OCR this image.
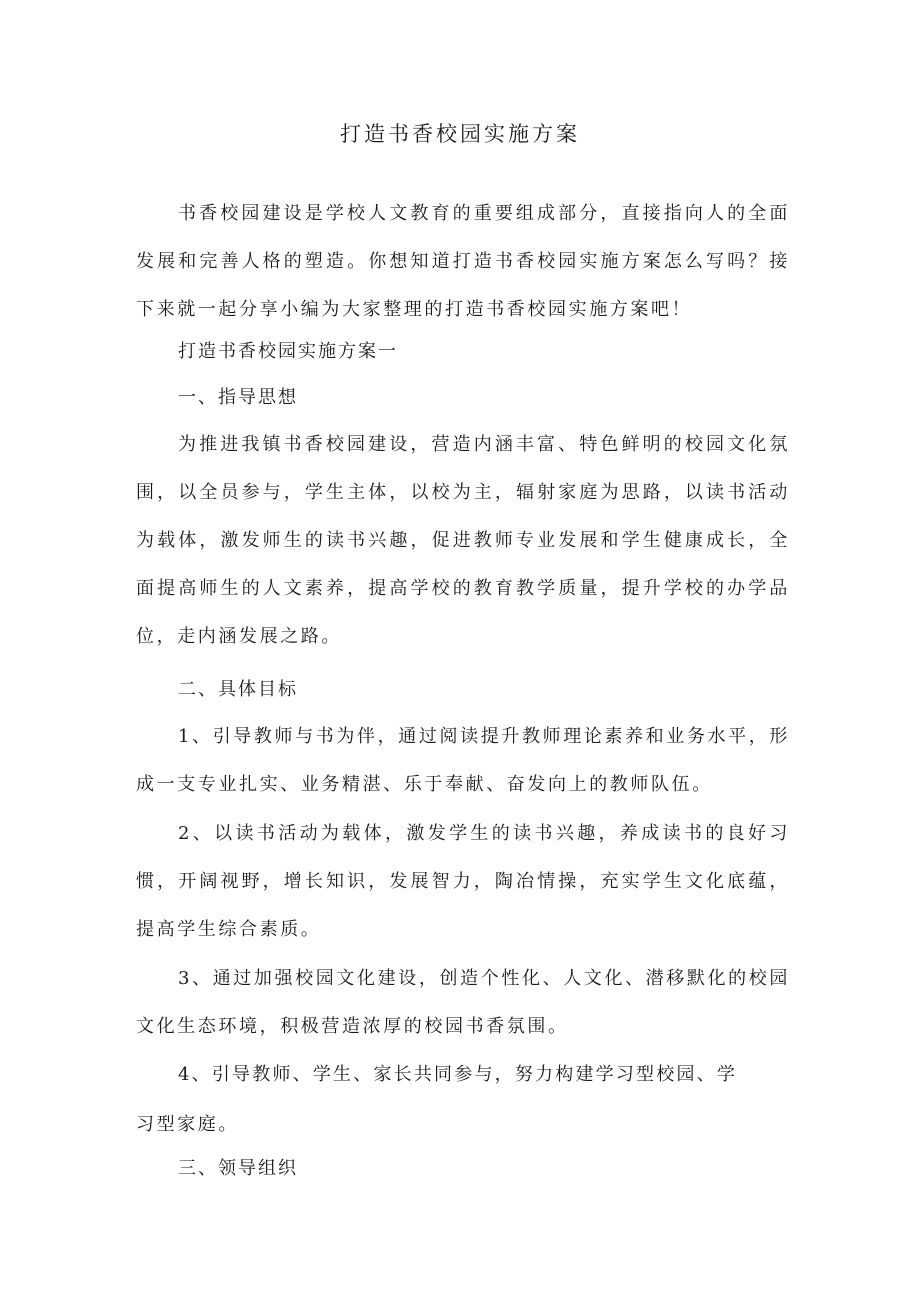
打造书香校园实施方案

书香校园建设是学校人文教育的重要组成部分，直接指向人的全面发展和完善人格的塑造。你想知道打造书香校园实施方案怎么写吗？接下来就一起分享小编为大家整理的打造书香校园实施方案吧！

打造书香校园实施方案一

一、指导思想

为推进我镇书香校园建设，营造内涵丰富、特色鲜明的校园文化氛围，以全员参与，学生主体，以校为主，辐射家庭为思路，以读书活动为载体，激发师生的读书兴趣，促进教师专业发展和学生健康成长，全面提高师生的人文素养，提高学校的教育教学质量，提升学校的办学品位，走内涵发展之路。

二、具体目标

1、引导教师与书为伴，通过阅读提升教师理论素养和业务水平，形成一支专业扎实、业务精湛、乐于奉献、奋发向上的教师队伍。

2、以读书活动为载体，激发学生的读书兴趣，养成读书的良好习惯，开阔视野，增长知识，发展智力，陶冶情操，充实学生文化底蕴，提高学生综合素质。

3、通过加强校园文化建设，创造个性化、人文化、潜移默化的校园文化生态环境，积极营造浓厚的校园书香氛围。

4、引导教师、学生、家长共同参与，努力构建学习型校园、学

习型家庭。

三、领导组织
